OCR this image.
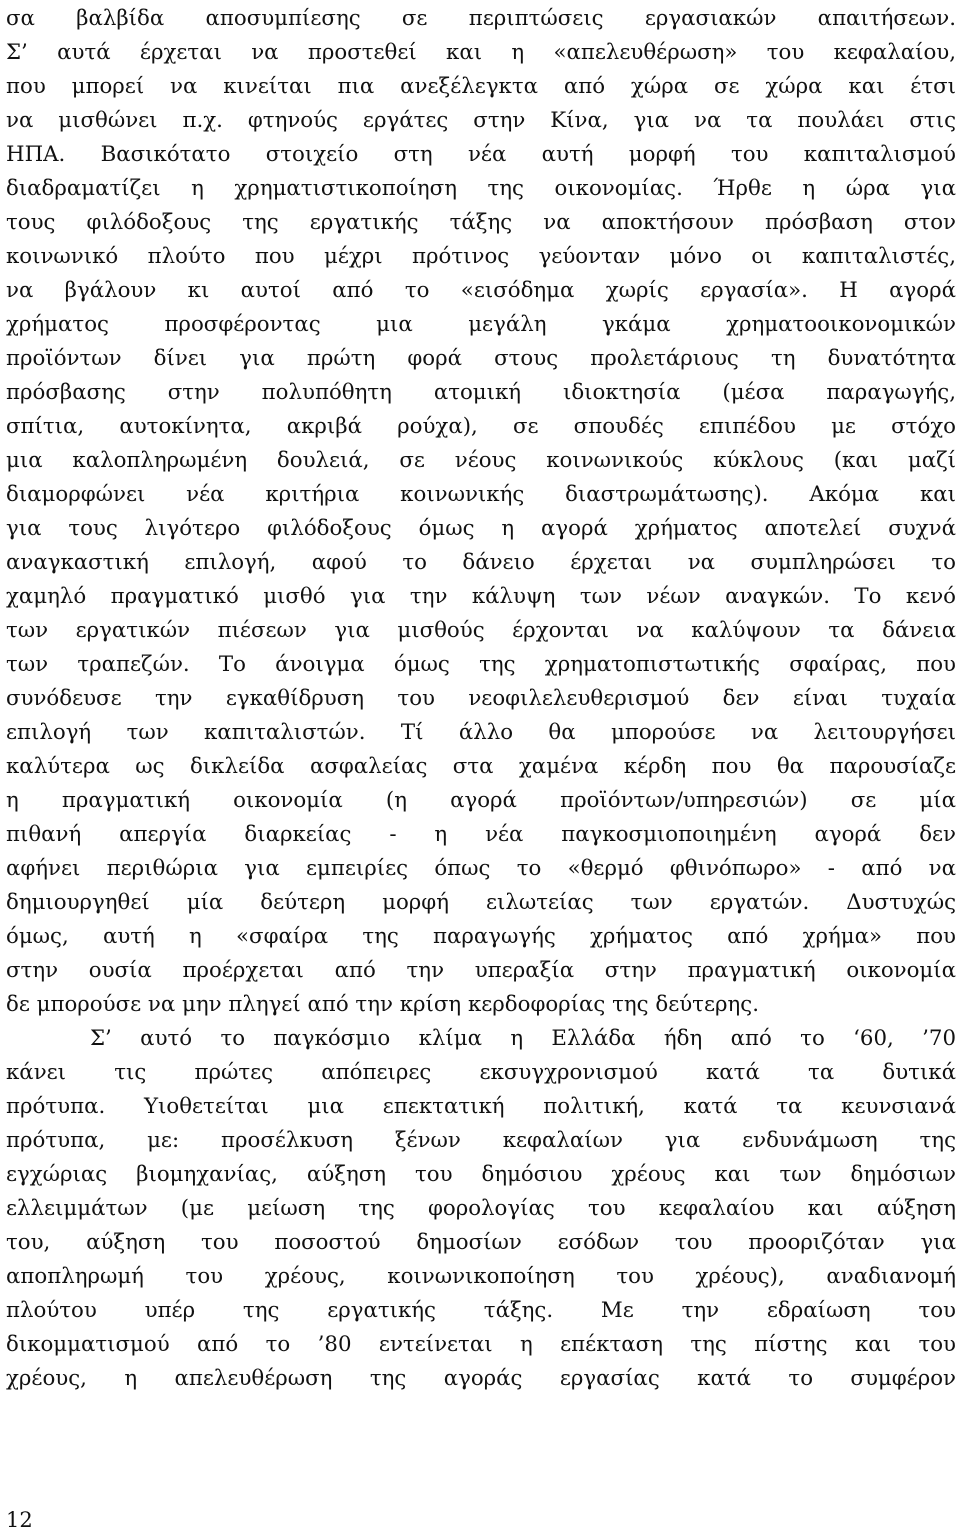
σα βαλβίδα αποσυμπίεσης σε περιπτώσεις εργασιακών απαιτήσεων.
Σ’ αυτά έρχεται να προστεθεί και η «απελευθέρωση» του κεφαλαίου,
που μπορεί να κινείται πια ανεξέλεγκτα από χώρα σε χώρα και έτσι
να μισθώνει π.χ. φτηνούς εργάτες στην Κίνα, για να τα πουλάει στις
ΗΠΑ. Βασικότατο στοιχείο στη νέα αυτή μορφή του καπιταλισμού
διαδραματίζει η χρηματιστικοποίηση της οικονομίας. Ήρθε η ώρα για
τους φιλόδοξους της εργατικής τάξης να αποκτήσουν πρόσβαση στον
κοινωνικό πλούτο που μέχρι πρότινος γεύονταν μόνο οι καπιταλιστές,
να βγάλουν κι αυτοί από το «εισόδημα χωρίς εργασία». Η αγορά
χρήματος προσφέροντας μια μεγάλη γκάμα χρηματοοικονομικών
προϊόντων δίνει για πρώτη φορά στους προλετάριους τη δυνατότητα
πρόσβασης στην πολυπόθητη ατομική ιδιοκτησία (μέσα παραγωγής,
σπίτια, αυτοκίνητα, ακριβά ρούχα), σε σπουδές επιπέδου με στόχο
μια καλοπληρωμένη δουλειά, σε νέους κοινωνικούς κύκλους (και μαζί
διαμορφώνει νέα κριτήρια κοινωνικής διαστρωμάτωσης). Ακόμα και
για τους λιγότερο φιλόδοξους όμως η αγορά χρήματος αποτελεί συχνά
αναγκαστική επιλογή, αφού το δάνειο έρχεται να συμπληρώσει το
χαμηλό πραγματικό μισθό για την κάλυψη των νέων αναγκών. Το κενό
των εργατικών πιέσεων για μισθούς έρχονται να καλύψουν τα δάνεια
των τραπεζών. Το άνοιγμα όμως της χρηματοπιστωτικής σφαίρας, που
συνόδευσε την εγκαθίδρυση του νεοφιλελευθερισμού δεν είναι τυχαία
επιλογή των καπιταλιστών. Τί άλλο θα μπορούσε να λειτουργήσει
καλύτερα ως δικλείδα ασφαλείας στα χαμένα κέρδη που θα παρουσίαζε
η πραγματική οικονομία (η αγορά προϊόντων/υπηρεσιών) σε μία
πιθανή απεργία διαρκείας - η νέα παγκοσμιοποιημένη αγορά δεν
αφήνει περιθώρια για εμπειρίες όπως το «θερμό φθινόπωρο» - από να
δημιουργηθεί μία δεύτερη μορφή ειλωτείας των εργατών. Δυστυχώς
όμως, αυτή η «σφαίρα της παραγωγής χρήματος από χρήμα» που
στην ουσία προέρχεται από την υπεραξία στην πραγματική οικονομία
δε μπορούσε να μην πληγεί από την κρίση κερδοφορίας της δεύτερης.
Σ’ αυτό το παγκόσμιο κλίμα η Ελλάδα ήδη από το ‘60, ’70
κάνει τις πρώτες απόπειρες εκσυγχρονισμού κατά τα δυτικά
πρότυπα. Υιοθετείται μια επεκτατική πολιτική, κατά τα κευνσιανά
πρότυπα, με: προσέλκυση ξένων κεφαλαίων για ενδυνάμωση της
εγχώριας βιομηχανίας, αύξηση του δημόσιου χρέους και των δημόσιων
ελλειμμάτων (με μείωση της φορολογίας του κεφαλαίου και αύξηση
του, αύξηση του ποσοστού δημοσίων εσόδων του προοριζόταν για
αποπληρωμή του χρέους, κοινωνικοποίηση του χρέους), αναδιανομή
πλούτου υπέρ της εργατικής τάξης. Με την εδραίωση του
δικομματισμού από το ’80 εντείνεται η επέκταση της πίστης και του
χρέους, η απελευθέρωση της αγοράς εργασίας κατά το συμφέρον
12
